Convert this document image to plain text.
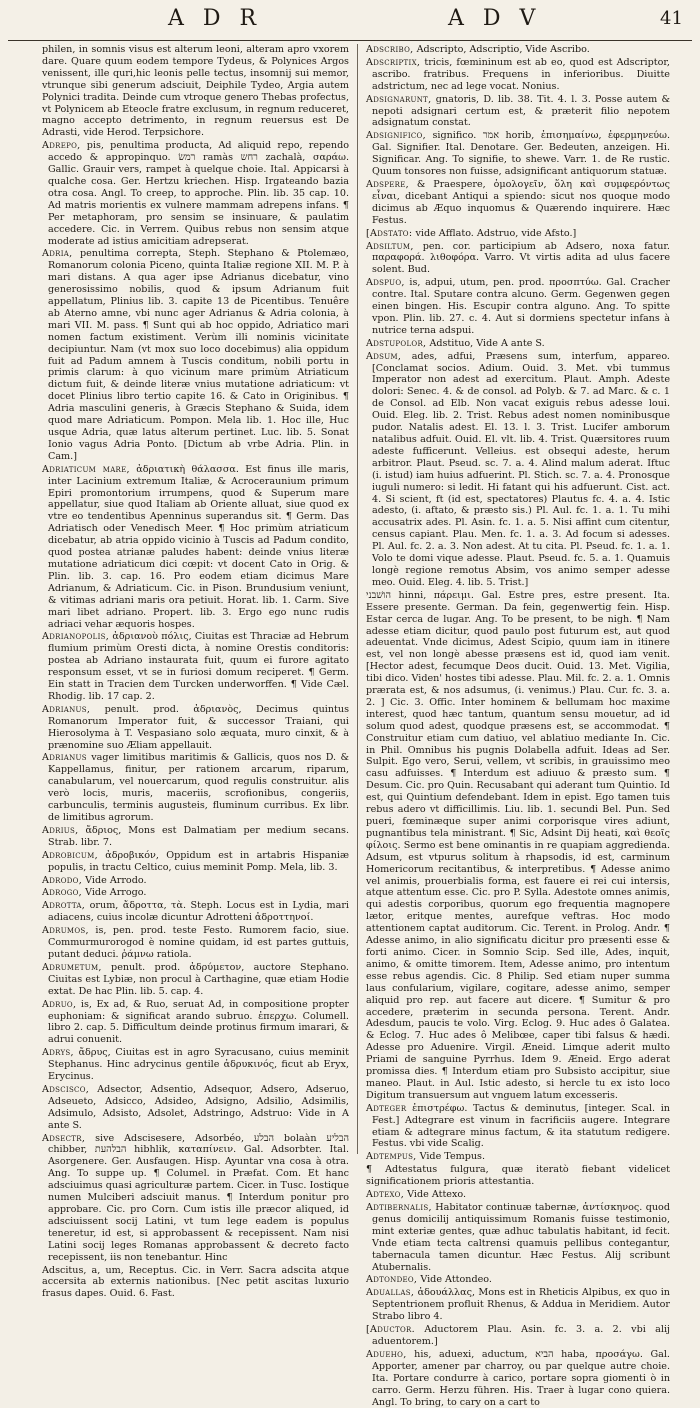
A D R	A D V	41

philen, in somnis visus est alterum leoni, alteram apro vxorem dare. Quare quum eodem tempore Tydeus, & Polynices Argos venissent, ille quri,hic leonis pelle tectus, insomnij sui memor, vtrunque sibi generum adsciuit, Deiphile Tydeo, Argia autem Polynici tradita. Deinde cum vtroque genero Thebas profectus, vt Polynicem ab Eteocle fratre exclusum, in regnum reduceret, magno accepto detrimento, in regnum reuersus est De Adrasti, vide Herod. Terpsichore.

Adrepo, pis, penultima producta, Ad aliquid repo, rependo accedo & appropinquo. רמשׂ ramàs רחש zachalà, σαράω. Gallic. Grauir vers, rampet à quelque choie. Ital. Appicarsi à qualche cosa. Ger. Hertzu kriechen. Hisp. Irgateando bazia otra cosa. Angl. To creep, to approche. Plin. lib. 35 cap. 10. Ad matris morientis ex vulnere mammam adrepens infans. ¶ Per metaphoram, pro sensim se insinuare, & paulatim accedere. Cic. in Verrem. Quibus rebus non sensim atque moderate ad istius amicitiam adrepserat.

Adria, penultima correpta, Steph. Stephano & Ptolemæo, Romanorum colonia Piceno, quinta Italiæ regione XII. M. P. à mari distans. A qua ager ipse Adrianus dicebatur, vino generosissimo nobilis, quod & ipsum Adrianum fuit appellatum, Plinius lib. 3. capite 13 de Picentibus. Tenuêre ab Aterno amne, vbi nunc ager Adrianus & Adria colonia, à mari VII. M. pass. ¶ Sunt qui ab hoc oppido, Adriatico mari nomen factum existiment. Verùm illi nominis vicinitate decipiuntur. Nam (vt mox suo loco docebimus) alia oppidum fuit ad Padum amnem à Tuscis conditum, nobili portu in primis clarum: à quo vicinum mare primùm Atriaticum dictum fuit, & deinde literæ vnius mutatione adriaticum: vt docet Plinius libro tertio capite 16. & Cato in Originibus. ¶ Adria masculini generis, à Græcis Stephano & Suida, idem quod mare Adriaticum. Pompon. Mela lib. 1. Hoc ille, Huc usque Adria, quæ latus alterum pertinet. Luc. lib. 5. Sonat Ionio vagus Adria Ponto. [Dictum ab vrbe Adria. Plin. in Cam.]

Adriaticum mare, ἀδριατικὴ θάλασσα. Est finus ille maris, inter Lacinium extremum Italiæ, & Acroceraunium primum Epiri promontorium irrumpens, quod & Superum mare appellatur, siue quod Italiam ab Oriente alluat, siue quod ex vtre eo tendentibus Apenninus superandus sit. ¶ Germ. Das Adriatisch oder Venedisch Meer. ¶ Hoc primùm atriaticum dicebatur, ab atria oppido vicinio à Tuscis ad Padum condito, quod postea atrianæ paludes habent: deinde vnius literæ mutatione adriaticum dici cœpit: vt docent Cato in Orig. & Plin. lib. 3. cap. 16. Pro eodem etiam dicimus Mare Adrianum, & Adriaticum. Cic. in Pison. Brundusium veniunt, & vitimas adriani maris ora petiuit. Horat. lib. 1. Carm. Sive mari libet adriano. Propert. lib. 3. Ergo ego nunc rudis adriaci vehar æquoris hospes.

Adrianopolis, ἀδριανοὺ πόλις, Ciuitas est Thraciæ ad Hebrum flumium primùm Oresti dicta, à nomine Orestis conditoris: postea ab Adriano instaurata fuit, quum ei furore agitato responsum esset, vt se in furiosi domum reciperet. ¶ Germ. Ein statt in Tracien dem Turcken underworffen. ¶ Vide Cæl. Rhodig. lib. 17 cap. 2.

Adrianus, penult. prod. ἀδριανὸς, Decimus quintus Romanorum Imperator fuit, & successor Traiani, qui Hierosolyma à T. Vespasiano solo æquata, muro cinxit, & à prænomine suo Æliam appellauit.

Adrianus vager limitibus maritimis & Gallicis, quos nos D. & Kappellamus, finitur, per rationem arcarum, riparum, canabularum, vel nouercarum, quod regulis construitur. alis verò locis, muris, maceriis, scrofionibus, congeriis, carbunculis, terminis augusteis, fluminum curribus. Ex libr. de limitibus agrorum.

Adrius, ἄδριος, Mons est Dalmatiam per medium secans. Strab. libr. 7.

Adrobicum, ἀδροβικόν, Oppidum est in artabris Hispaniæ populis, in tractu Celtico, cuius meminit Pomp. Mela, lib. 3.

Adrodo, Vide Arrodo.

Adrogo, Vide Arrogo.

Adrotta, orum, ἄδροττα, τὰ. Steph. Locus est in Lydia, mari adiacens, cuius incolæ dicuntur Adrotteni ἀδροττηνοί.

Adrumos, is, pen. prod. teste Festo. Rumorem facio, siue. Commurmurorogod è nomine quidam, id est partes guttuis, putant deduci. ῥάμνω ratiola.

Adrumetum, penult. prod. ἀδρύμετον, auctore Stephano. Ciuitas est Lybiæ, non procul à Carthagine, quæ etiam Hodie extat. De hac Plin. lib. 5. cap. 4.

Adruo, is, Ex ad, & Ruo, seruat Ad, in compositione propter euphoniam: & significat arando subruo. ἐπερχω. Columell. libro 2. cap. 5. Difficultum deinde protinus firmum imarari, & adrui conuenit.

Adrys, ἄδρυς, Ciuitas est in agro Syracusano, cuius meminit Stephanus. Hinc adrycinus gentile ἀδρυκινός, ficut ab Eryx, Erycinus.

Adscisco, Adsector, Adsentio, Adsequor, Adsero, Adseruo, Adseueto, Adsicco, Adsideo, Adsigno, Adsilio, Adsimilis, Adsimulo, Adsisto, Adsolet, Adstringo, Adstruo: Vide in A ante S.

Adsectr, sive Adscisesere, Adsorbéo, הבלע bolaàn הבליע chibber, הבלהעת hibhlik, καταπίνειν. Gal. Adsorbter. Ital. Asorgenere. Ger. Ausfaugen. Hisp. Ayuntar vna cosa à otra. Ang. To suppe up. ¶ Columel. in Præfat. Com. Et hanc adsciuimus quasi agriculturæ partem. Cicer. in Tusc. Iostique numen Mulciberi adsciuit manus. ¶ Interdum ponitur pro approbare. Cic. pro Corn. Cum istis ille præcor aliqued, id adsciuissent socij Latini, vt tum lege eadem is populus teneretur, id est, si approbassent & recepissent. Nam nisi Latini socij leges Romanas approbassent & decreto facto recepissent, iis non tenebantur. Hinc

Adscitus, a, um, Receptus. Cic. in Verr. Sacra adscita atque accersita ab externis nationibus. [Nec petit ascitas luxurio frasus dapes. Ouid. 6. Fast.

Adscribo, Adscripto, Adscriptio, Vide Ascribo.

Adscriptix, tricis, fœmininum est ab eo, quod est Adscriptor, ascribo. fratribus. Frequens in inferioribus. Diuitte adstrictum, nec ad lege vocat. Nonius.

Adsignarunt, gnatoris, D. lib. 38. Tit. 4. l. 3. Posse autem & nepoti adsignari certum est, & præterit filio nepotem adsignatum constat.

Adsignifico, significo. אמר horib, ἐπισημαίνω, ἐφερμηνεύω. Gal. Signifier. Ital. Denotare. Ger. Bedeuten, anzeigen. Hi. Significar. Ang. To signifie, to shewe. Varr. 1. de Re rustic. Quum tonsores non fuisse, adsignificant antiquorum statuæ.

Adspere, & Praespere, ὁμολογεῖν, ὅλη καὶ συμφερόντως εἶναι, dicebant Antiqui a spiendo: sicut nos quoque modo dicimus ab Æquo inquomus & Quærendo inquirere. Hæc Festus.

[Adstato: vide Afflato. Adstruo, vide Afsto.]

Adsiltum, pen. cor. participium ab Adsero, noxa fatur. παραφορά. λιθοφόρα. Varro. Vt virtis adita ad ulus facere solent. Bud.

Adspuo, is, adpui, utum, pen. prod. προσπτύω. Gal. Cracher contre. Ital. Sputare contra alcuno. Germ. Gegenwen gegen einen bingen. His. Escupir contra alguno. Ang. To spitte vpon. Plin. lib. 27. c. 4. Aut si dormiens spectetur infans à nutrice terna adspui.

Adstupolor, Adstituo, Vide A ante S.

Adsum, ades, adfui, Præsens sum, interfum, appareo. [Conclamat socios. Adium. Ouid. 3. Met. vbi tummus Imperator non adest ad exercitum. Plaut. Amph. Adeste dolori: Senec. 4. & de consol. ad Polyb. & 7. ad Marc. & c. 1 de Consol. ad Elb. Non vacat exiguis rebus adesse loui. Ouid. Eleg. lib. 2. Trist. Rebus adest nomen nominibusque pudor. Natalis adest. El. 13. l. 3. Trist. Lucifer amborum natalibus adfuit. Ouid. El. vlt. lib. 4. Trist. Quærsitores ruum adeste fufficerunt. Velleius. est obsequi adeste, herum arbitror. Plaut. Pseud. sc. 7. a. 4. Alind malum aderat. Iftuc (i. istud) iam huius adfuerint. Pl. Stich. sc. 7. a. 4. Pronosque iuguli numero: si ledit. Hi fatant qui his adfuerunt. Cist. act. 4. Si scient, ft (id est, spectatores) Plautus fc. 4. a. 4. Istic adesto, (i. aftato, & præsto sis.) Pl. Aul. fc. 1. a. 1. Tu mihi accusatrix ades. Pl. Asin. fc. 1. a. 5. Nisi affint cum citentur, census capiant. Plau. Men. fc. 1. a. 3. Ad focum si adesses. Pl. Aul. fc. 2. a. 3. Non adest. At tu cita. Pl. Pseud. fc. 1. a. 1. Volo te domi vique adesse. Plaut. Pseud. fc. 5. a. 1. Quamuis longè regione remotus Absim, vos animo semper adesse meo. Ouid. Eleg. 4. lib. 5. Trist.]

הושׁבני hinni, πάρειμι. Gal. Estre pres, estre present. Ita. Essere presente. German. Da fein, gegenwertig fein. Hisp. Estar cerca de lugar. Ang. To be present, to be nigh. ¶ Nam adesse etiam dicitur, quod paulo post futurum est, aut quod adeuentat. Vnde dicimus, Adest Scipio, quum iam in itinere est, vel non longè abesse præsens est id, quod iam venit. [Hector adest, fecumque Deos ducit. Ouid. 13. Met. Vigilia, tibi dico. Viden' hostes tibi adesse. Plau. Mil. fc. 2. a. 1. Omnis prærata est, & nos adsumus, (i. venimus.) Plau. Cur. fc. 3. a. 2. ] Cic. 3. Offic. Inter hominem & bellumam hoc maxime interest, quod hæc tantum, quantum sensu mouetur, ad id solum quod adest, quodque præsens est, se accommodat. ¶ Construitur etiam cum datiuo, vel ablatiuo mediante In. Cic. in Phil. Omnibus his pugnis Dolabella adfuit. Ideas ad Ser. Sulpit. Ego vero, Serui, vellem, vt scribis, in grauissimo meo casu adfuisses. ¶ Interdum est adiuuo & præsto sum. ¶ Desum. Cic. pro Quin. Recusabant qui aderant tum Quintio. Id est, qui Quintium defendebant. Idem in epist. Ego tamen tuis rebus adero vt difficillimis. Liu. lib. 1. secundi Bel. Pun. Sed pueri, fœminæque super animi corporisque vires adiunt, pugnantibus tela ministrant. ¶ Sic, Adsint Dij heati, καὶ θεοῖς φίλοις. Sermo est bene ominantis in re quapiam aggredienda. Adsum, est vtpurus solitum à rhapsodis, id est, carminum Homericorum recitantibus, & interpretibus. ¶ Adesse animo vel animis, prouerbialis forma, est fauere ei rei cui intersis, atque attentum esse. Cic. pro P. Sylla. Adestote omnes animis, qui adestis corporibus, quorum ego frequentia magnopere lætor, eritque mentes, aurefque veftras. Hoc modo attentionem captat auditorum. Cic. Terent. in Prolog. Andr. ¶ Adesse animo, in alio significatu dicitur pro præsenti esse & forti animo. Cicer. in Somnio Scip. Sed ille, Ades, inquit, animo, & omitte timorem. Item, Adesse animo, pro intentum esse rebus agendis. Cic. 8 Philip. Sed etiam nuper summa laus confularium, vigilare, cogitare, adesse animo, semper aliquid pro rep. aut facere aut dicere. ¶ Sumitur & pro accedere, præterim in secunda persona. Terent. Andr. Adesdum, paucis te volo. Virg. Eclog. 9. Huc ades ô Galatea. & Eclog. 7. Huc ades ô Melibœe, caper tibi falsus & hædi. Adesse pro Aduenire. Virgil. Æneid. Limque aderit multo Priami de sanguine Pyrrhus. Idem 9. Æneid. Ergo aderat promissa dies. ¶ Interdum etiam pro Subsisto accipitur, siue maneo. Plaut. in Aul. Istic adesto, si hercle tu ex isto loco Digitum transuersum aut vnguem latum excesseris.

Adteger ἐπιστρέφω. Tactus & deminutus, [integer. Scal. in Fest.] Adtegrare est vinum in facrificiis augere. Integrare etiam & adtegrare minus factum, & ita statutum redigere. Festus. vbi vide Scalig.

Adtempus, Vide Tempus.

¶ Adtestatus fulgura, quæ iteratò fiebant videlicet significationem prioris attestantia.

Adtexo, Vide Attexo.

Adtibernalis, Habitator continuæ tabernæ, ἀντίσκηνος. quod genus domicilij antiquissimum Romanis fuisse testimonio, mint exteriæ gentes, quæ adhuc tabulatis habitant, id fecit. Vnde etiam tecta caltrensi quamuis pellibus contegantur, tabernacula tamen dicuntur. Hæc Festus. Alij scribunt Atubernalis.

Adtondeo, Vide Attondeo.

Aduallas, ἀδουάλλας, Mons est in Rheticis Alpibus, ex quo in Septentrionem profluit Rhenus, & Addua in Meridiem. Autor Strabo libro 4.

[Aductor. Aductorem Plau. Asin. fc. 3. a. 2. vbi alij aduentorem.]

Adueho, his, aduexi, aductum, הביא haba, προσάγω. Gal. Apporter, amener par charroy, ou par quelque autre choie. Ita. Portare condurre à carico, portare sopra giomenti ò in carro. Germ. Herzu führen. His. Traer à lugar cono quiera. Angl. To bring, to cary on a cart to
